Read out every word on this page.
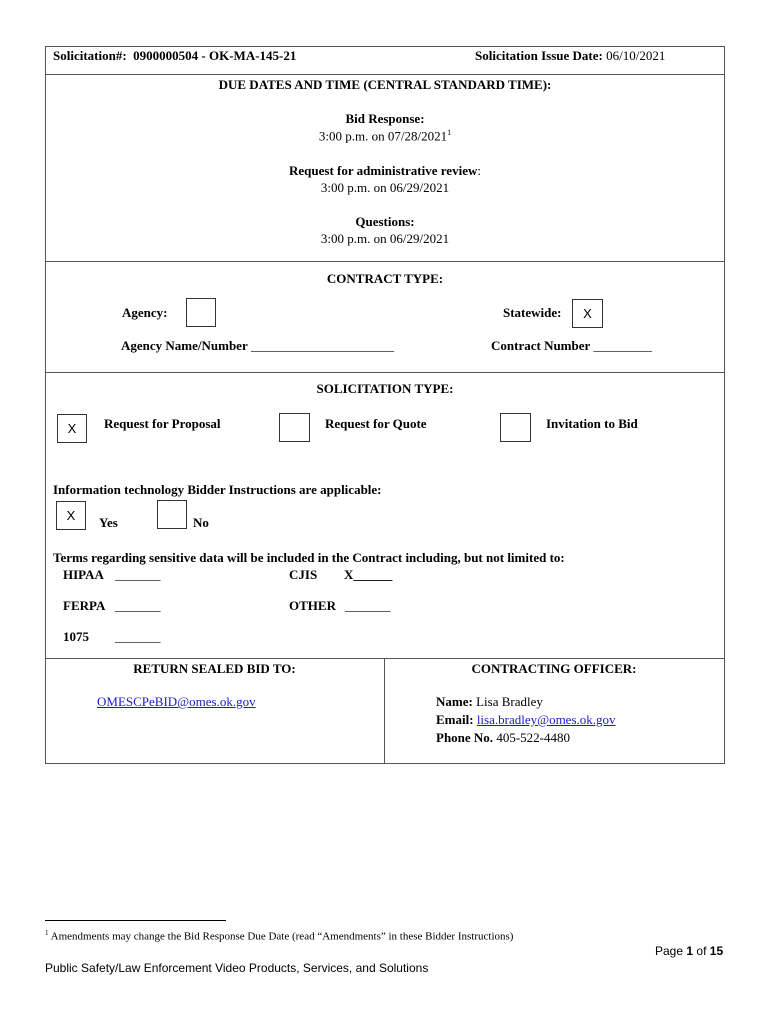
Solicitation#: 0900000504 - OK-MA-145-21	Solicitation Issue Date: 06/10/2021
DUE DATES AND TIME (CENTRAL STANDARD TIME):
Bid Response:
3:00 p.m. on 07/28/2021$^1$
Request for administrative review:
3:00 p.m. on 06/29/2021
Questions:
3:00 p.m. on 06/29/2021
CONTRACT TYPE:
Agency:	Statewide:	X
Agency Name/Number ______________________	Contract Number _________
SOLICITATION TYPE:
X	Request for Proposal	Request for Quote	Invitation to Bid
Information technology Bidder Instructions are applicable:
X	Yes	No
Terms regarding sensitive data will be included in the Contract including, but not limited to:
HIPAA _______	CJIS X______
FERPA _______	OTHER _______
1075 _______
RETURN SEALED BID TO:
OMESCPeBID@omes.ok.gov
CONTRACTING OFFICER:
Name: Lisa Bradley
Email: lisa.bradley@omes.ok.gov
Phone No. 405-522-4480
$^1$ Amendments may change the Bid Response Due Date (read “Amendments” in these Bidder Instructions)
Page 1 of 15
Public Safety/Law Enforcement Video Products, Services, and Solutions
